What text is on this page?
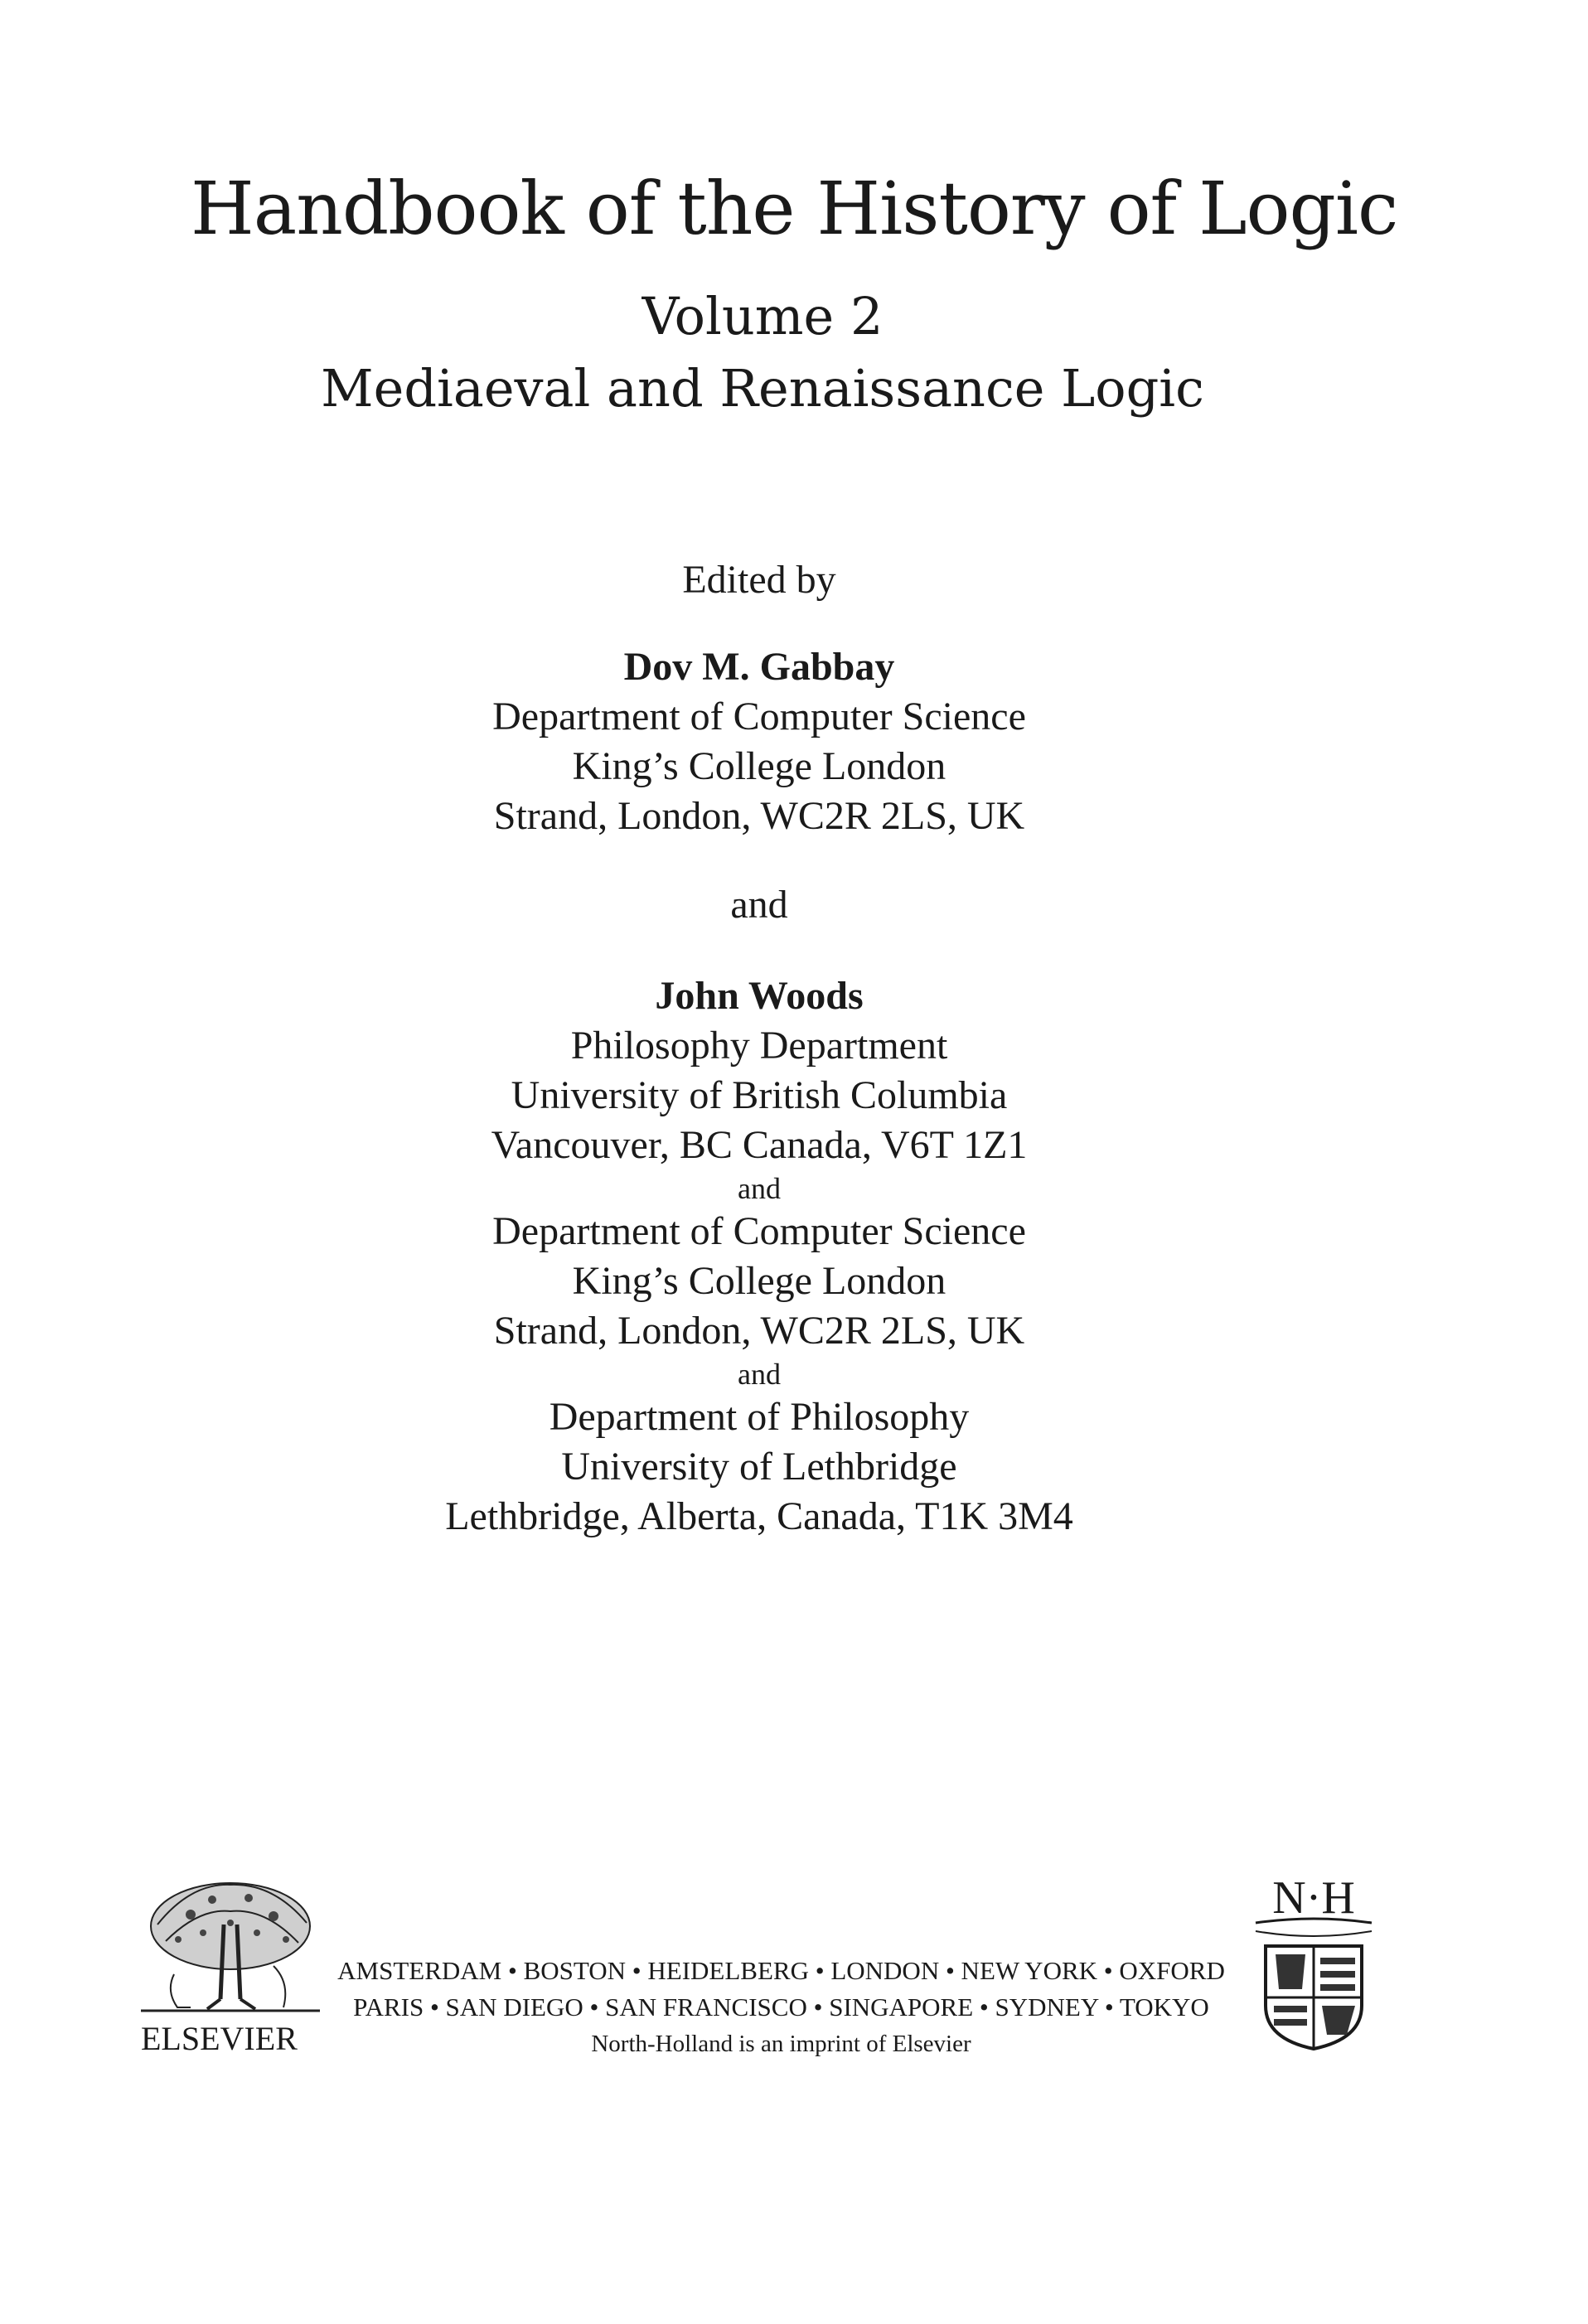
Handbook of the History of Logic
Volume 2
Mediaeval and Renaissance Logic
Edited by
Dov M. Gabbay
Department of Computer Science
King’s College London
Strand, London, WC2R 2LS, UK
and
John Woods
Philosophy Department
University of British Columbia
Vancouver, BC Canada, V6T 1Z1
and
Department of Computer Science
King’s College London
Strand, London, WC2R 2LS, UK
and
Department of Philosophy
University of Lethbridge
Lethbridge, Alberta, Canada, T1K 3M4
ELSEVIER
AMSTERDAM • BOSTON • HEIDELBERG • LONDON • NEW YORK • OXFORD
PARIS • SAN DIEGO • SAN FRANCISCO • SINGAPORE • SYDNEY • TOKYO
North-Holland is an imprint of Elsevier
N·H
